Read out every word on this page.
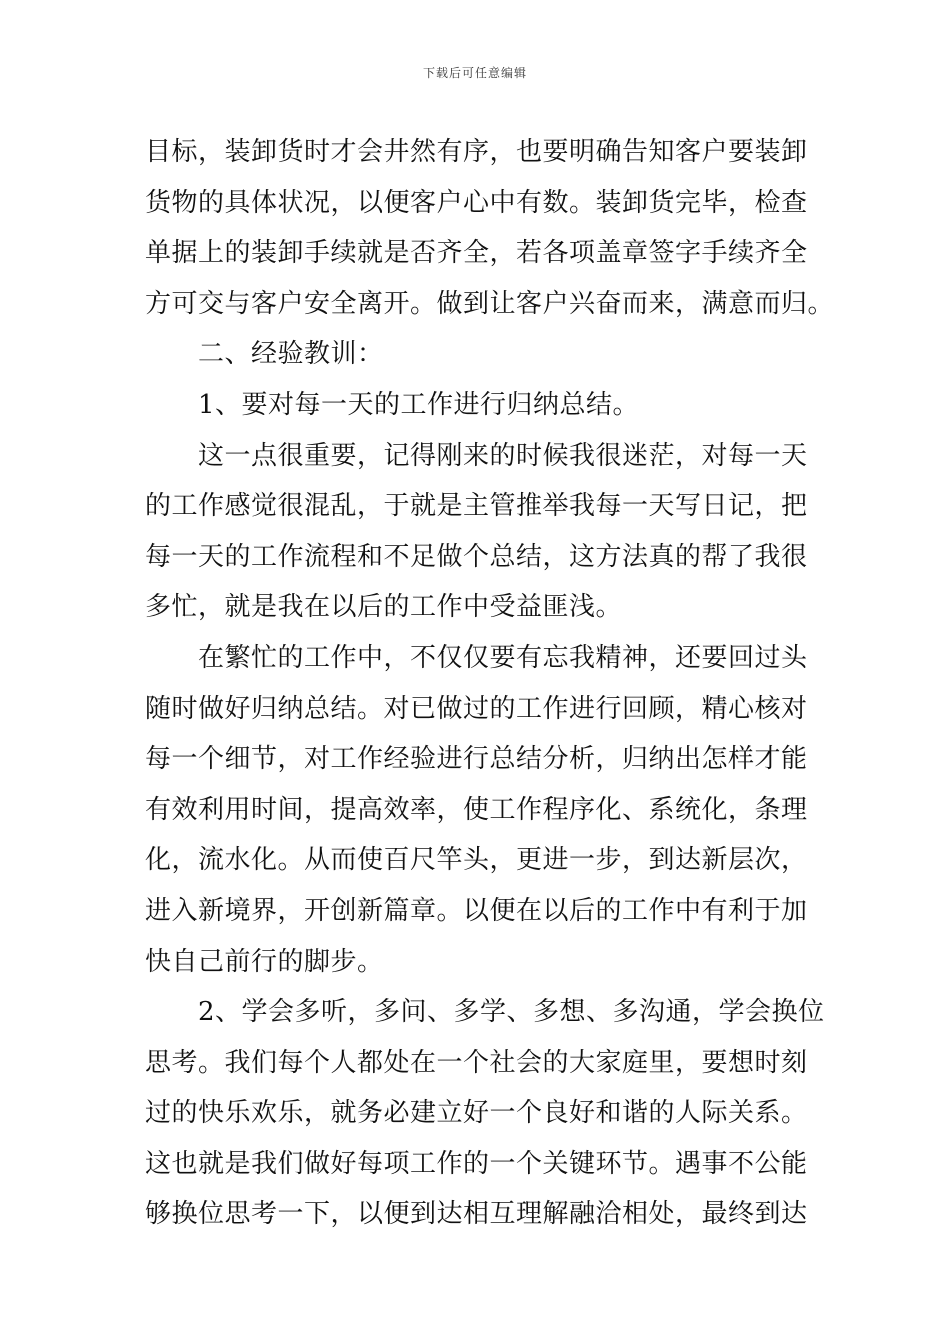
下载后可任意编辑
目标，装卸货时才会井然有序，也要明确告知客户要装卸
货物的具体状况，以便客户心中有数。装卸货完毕，检查
单据上的装卸手续就是否齐全，若各项盖章签字手续齐全
方可交与客户安全离开。做到让客户兴奋而来，满意而归。
二、经验教训：
1、要对每一天的工作进行归纳总结。
这一点很重要，记得刚来的时候我很迷茫，对每一天
的工作感觉很混乱，于就是主管推举我每一天写日记，把
每一天的工作流程和不足做个总结，这方法真的帮了我很
多忙，就是我在以后的工作中受益匪浅。
在繁忙的工作中，不仅仅要有忘我精神，还要回过头
随时做好归纳总结。对已做过的工作进行回顾，精心核对
每一个细节，对工作经验进行总结分析，归纳出怎样才能
有效利用时间，提高效率，使工作程序化、系统化，条理
化，流水化。从而使百尺竿头，更进一步，到达新层次，
进入新境界，开创新篇章。以便在以后的工作中有利于加
快自己前行的脚步。
2、学会多听，多问、多学、多想、多沟通，学会换位
思考。我们每个人都处在一个社会的大家庭里，要想时刻
过的快乐欢乐，就务必建立好一个良好和谐的人际关系。
这也就是我们做好每项工作的一个关键环节。遇事不公能
够换位思考一下，以便到达相互理解融洽相处，最终到达
